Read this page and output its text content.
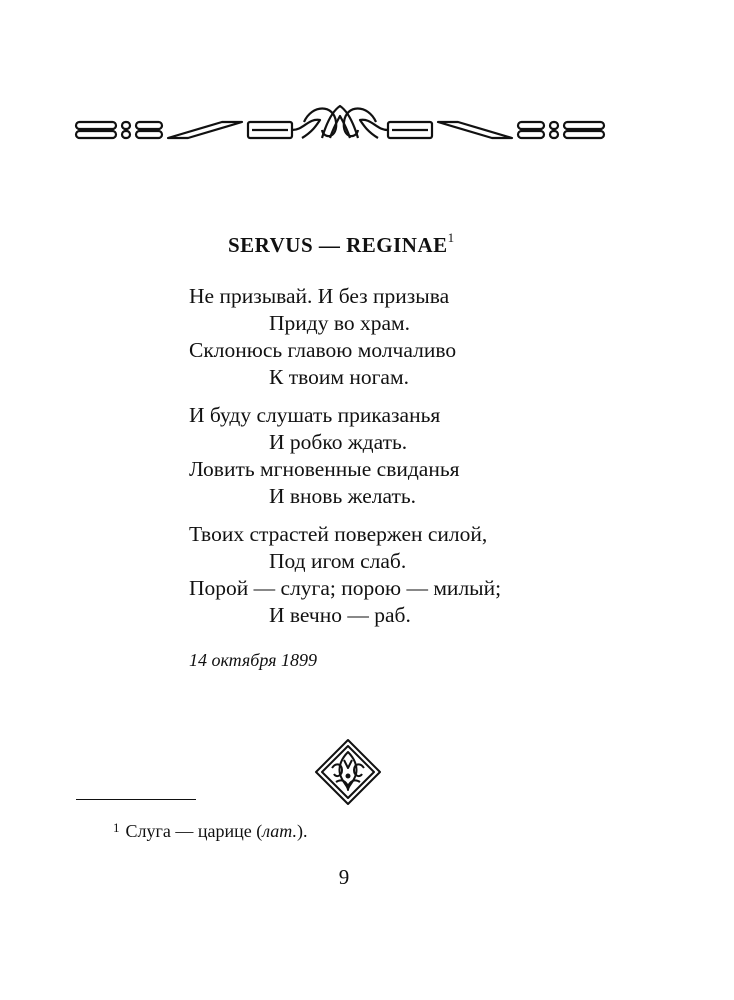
SERVUS — REGINAE$^1$
Не призывай. И без призыва
Приду во храм.
Склонюсь главою молчаливо
К твоим ногам.
И буду слушать приказанья
И робко ждать.
Ловить мгновенные свиданья
И вновь желать.
Твоих страстей повержен силой,
Под игом слаб.
Порой — слуга; порою — милый;
И вечно — раб.
14 октября 1899
$^1$ Слуга — царице (лат.).
9
